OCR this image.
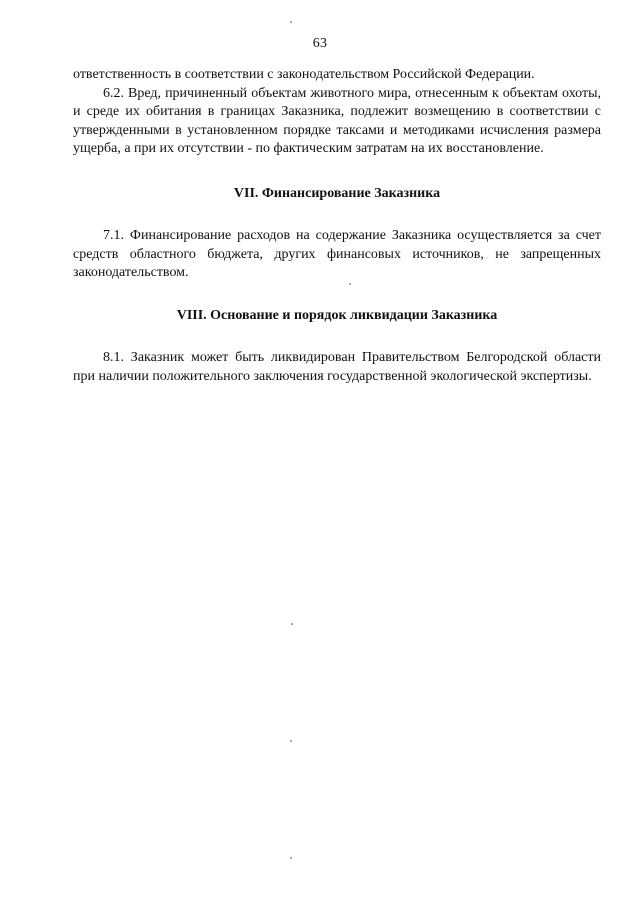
63

ответственность в соответствии с законодательством Российской Федерации.

6.2. Вред, причиненный объектам животного мира, отнесенным к объектам охоты, и среде их обитания в границах Заказника, подлежит возмещению в соответствии с утвержденными в установленном порядке таксами и методиками исчисления размера ущерба, а при их отсутствии - по фактическим затратам на их восстановление.

VII. Финансирование Заказника

7.1. Финансирование расходов на содержание Заказника осуществляется за счет средств областного бюджета, других финансовых источников, не запрещенных законодательством.

VIII. Основание и порядок ликвидации Заказника

8.1. Заказник может быть ликвидирован Правительством Белгородской области при наличии положительного заключения государственной экологической экспертизы.
